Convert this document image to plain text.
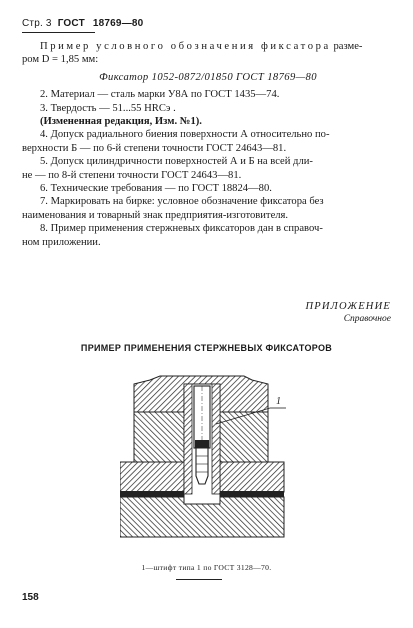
Стр. 3 ГОСТ 18769—80

Пример условного обозначения фиксатора разме-

ром D = 1,85 мм:

Фиксатор 1052-0872/01850 ГОСТ 18769—80

2. Материал — сталь марки У8А по ГОСТ 1435—74.

3. Твердость — 51...55 HRCэ .

(Измененная редакция, Изм. №1).

4. Допуск радиального биения поверхности А относительно по-

верхности Б — по 6-й степени точности ГОСТ 24643—81.

5. Допуск цилиндричности поверхностей А и Б на всей дли-

не — по 8-й степени точности ГОСТ 24643—81.

6. Технические требования — по ГОСТ 18824—80.

7. Маркировать на бирке: условное обозначение фиксатора без

наименования и товарный знак предприятия-изготовителя.

8. Пример применения стержневых фиксаторов дан в справоч-

ном приложении.

ПРИЛОЖЕНИЕ
Справочное
ПРИМЕР ПРИМЕНЕНИЯ СТЕРЖНЕВЫХ ФИКСАТОРОВ
1
1—штифт типа 1 по ГОСТ 3128—70.
158
